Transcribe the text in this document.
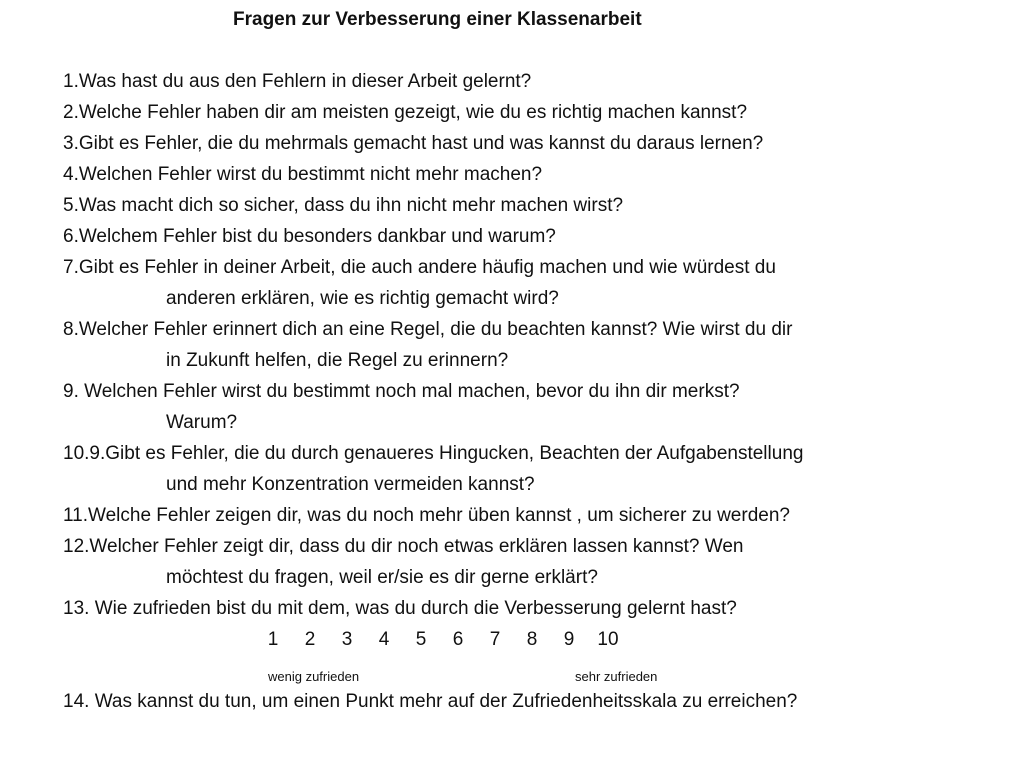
Fragen zur Verbesserung einer Klassenarbeit
1.Was hast du aus den Fehlern in dieser Arbeit gelernt?
2.Welche Fehler haben dir am meisten gezeigt, wie du es richtig machen kannst?
3.Gibt es Fehler, die du mehrmals gemacht hast und was kannst du daraus lernen?
4.Welchen Fehler wirst du bestimmt nicht mehr machen?
5.Was macht dich so sicher, dass du ihn nicht mehr machen wirst?
6.Welchem Fehler bist du besonders dankbar und warum?
7.Gibt es Fehler in deiner Arbeit, die auch andere häufig machen und wie würdest du
anderen erklären, wie es richtig gemacht wird?
8.Welcher Fehler erinnert dich an eine Regel, die du beachten kannst? Wie wirst du dir
in Zukunft helfen, die Regel zu erinnern?
9. Welchen Fehler wirst du bestimmt noch mal machen, bevor du ihn dir merkst?
Warum?
10.9.Gibt es Fehler, die du durch genaueres Hingucken, Beachten der Aufgabenstellung
und mehr Konzentration vermeiden kannst?
11.Welche Fehler zeigen dir, was du noch mehr üben kannst , um sicherer zu werden?
12.Welcher Fehler zeigt dir, dass du dir noch etwas erklären lassen kannst? Wen
möchtest du fragen, weil er/sie es dir gerne erklärt?
13. Wie zufrieden bist du mit dem, was du durch die Verbesserung gelernt hast?
1	2	3	4	5	6	7	8	9	10
wenig zufrieden	sehr zufrieden
14. Was kannst du tun, um einen Punkt mehr auf der Zufriedenheitsskala zu erreichen?
